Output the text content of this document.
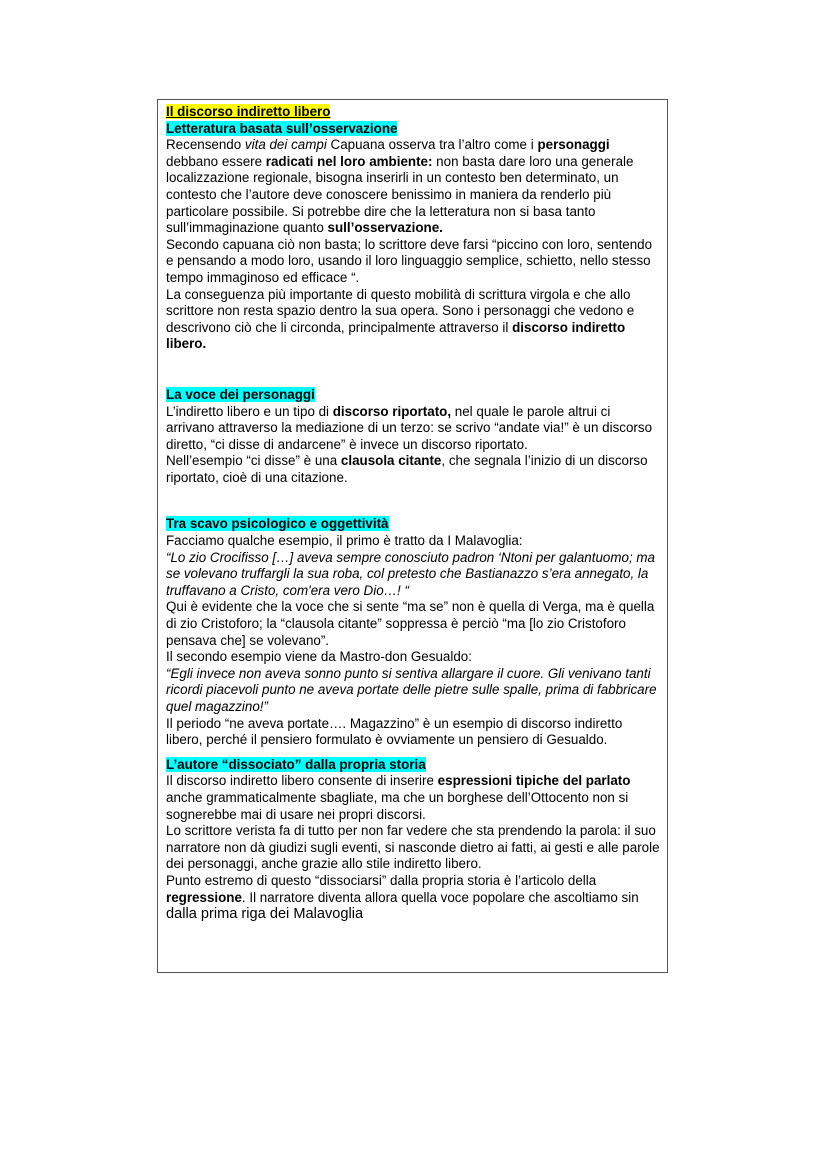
Il discorso indiretto libero

Letteratura basata sull’osservazione

Recensendo vita dei campi Capuana osserva tra l’altro come i personaggi debbano essere radicati nel loro ambiente: non basta dare loro una generale localizzazione regionale, bisogna inserirli in un contesto ben determinato, un contesto che l’autore deve conoscere benissimo in maniera da renderlo più particolare possibile. Si potrebbe dire che la letteratura non si basa tanto sull’immaginazione quanto sull’osservazione.

Secondo capuana ciò non basta; lo scrittore deve farsi “piccino con loro, sentendo e pensando a modo loro, usando il loro linguaggio semplice, schietto, nello stesso tempo immaginoso ed efficace “.

La conseguenza più importante di questo mobilità di scrittura virgola e che allo scrittore non resta spazio dentro la sua opera. Sono i personaggi che vedono e descrivono ciò che li circonda, principalmente attraverso il discorso indiretto libero.

La voce dei personaggi

L’indiretto libero e un tipo di discorso riportato, nel quale le parole altrui ci arrivano attraverso la mediazione di un terzo: se scrivo “andate via!” è un discorso diretto, “ci disse di andarcene” è invece un discorso riportato.

Nell’esempio “ci disse” è una clausola citante, che segnala l’inizio di un discorso riportato, cioè di una citazione.

Tra scavo psicologico e oggettività

Facciamo qualche esempio, il primo è tratto da I Malavoglia:

“Lo zio Crocifisso […] aveva sempre conosciuto padron ‘Ntoni per galantuomo; ma se volevano truffargli la sua roba, col pretesto che Bastianazzo s’era annegato, la truffavano a Cristo, com'era vero Dio…! “

Qui è evidente che la voce che si sente “ma se” non è quella di Verga, ma è quella di zio Cristoforo; la “clausola citante” soppressa è perciò “ma [lo zio Cristoforo pensava che] se volevano”.

Il secondo esempio viene da Mastro-don Gesualdo:

“Egli invece non aveva sonno punto si sentiva allargare il cuore. Gli venivano tanti ricordi piacevoli punto ne aveva portate delle pietre sulle spalle, prima di fabbricare quel magazzino!”

Il periodo “ne aveva portate…. Magazzino” è un esempio di discorso indiretto libero, perché il pensiero formulato è ovviamente un pensiero di Gesualdo.

L’autore “dissociato” dalla propria storia

Il discorso indiretto libero consente di inserire espressioni tipiche del parlato anche grammaticalmente sbagliate, ma che un borghese dell’Ottocento non si sognerebbe mai di usare nei propri discorsi.

Lo scrittore verista fa di tutto per non far vedere che sta prendendo la parola: il suo narratore non dà giudizi sugli eventi, si nasconde dietro ai fatti, ai gesti e alle parole dei personaggi, anche grazie allo stile indiretto libero.

Punto estremo di questo “dissociarsi” dalla propria storia è l’articolo della regressione. Il narratore diventa allora quella voce popolare che ascoltiamo sin
dalla prima riga dei Malavoglia
